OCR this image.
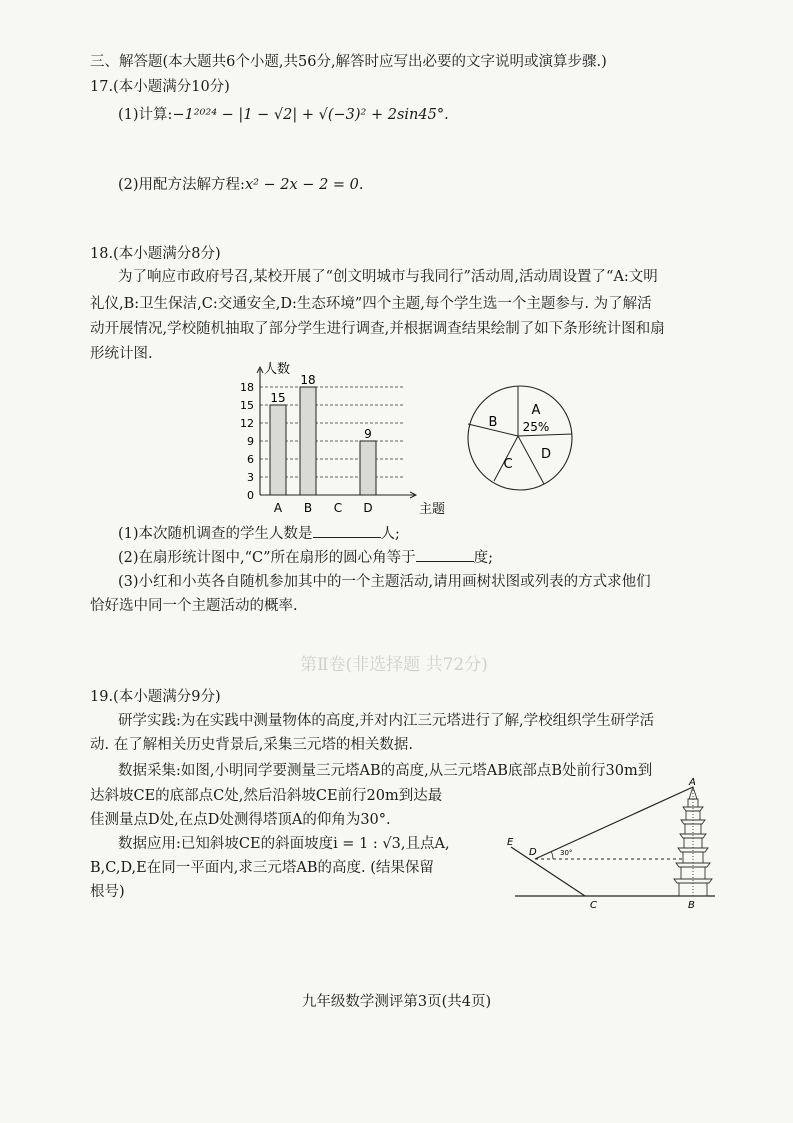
第Ⅱ卷(非选择题 共72分)
三、解答题(本大题共6个小题,共56分,解答时应写出必要的文字说明或演算步骤.)
17.(本小题满分10分)
(1)计算:−1²⁰²⁴ − |1 − √2| + √(−3)² + 2sin45°.
(2)用配方法解方程:x² − 2x − 2 = 0.
18.(本小题满分8分)
为了响应市政府号召,某校开展了“创文明城市与我同行”活动周,活动周设置了“A:文明
礼仪,B:卫生保洁,C:交通安全,D:生态环境”四个主题,每个学生选一个主题参与. 为了解活
动开展情况,学校随机抽取了部分学生进行调查,并根据调查结果绘制了如下条形统计图和扇
形统计图.
0
3
6
9
12
15
18
人数
主题
15
A
18
B C
9
D
A
25%
B
C
D
(1)本次随机调查的学生人数是	人;
(2)在扇形统计图中,“C”所在扇形的圆心角等于	度;
(3)小红和小英各自随机参加其中的一个主题活动,请用画树状图或列表的方式求他们
恰好选中同一个主题活动的概率.
19.(本小题满分9分)
研学实践:为在实践中测量物体的高度,并对内江三元塔进行了解,学校组织学生研学活
动. 在了解相关历史背景后,采集三元塔的相关数据.
数据采集:如图,小明同学要测量三元塔AB的高度,从三元塔AB底部点B处前行30m到
达斜坡CE的底部点C处,然后沿斜坡CE前行20m到达最
佳测量点D处,在点D处测得塔顶A的仰角为30°.
数据应用:已知斜坡CE的斜面坡度i = 1 : √3,且点A,
B,C,D,E在同一平面内,求三元塔AB的高度. (结果保留
根号)
A
B
C
D
E
30°
九年级数学测评第3页(共4页)
